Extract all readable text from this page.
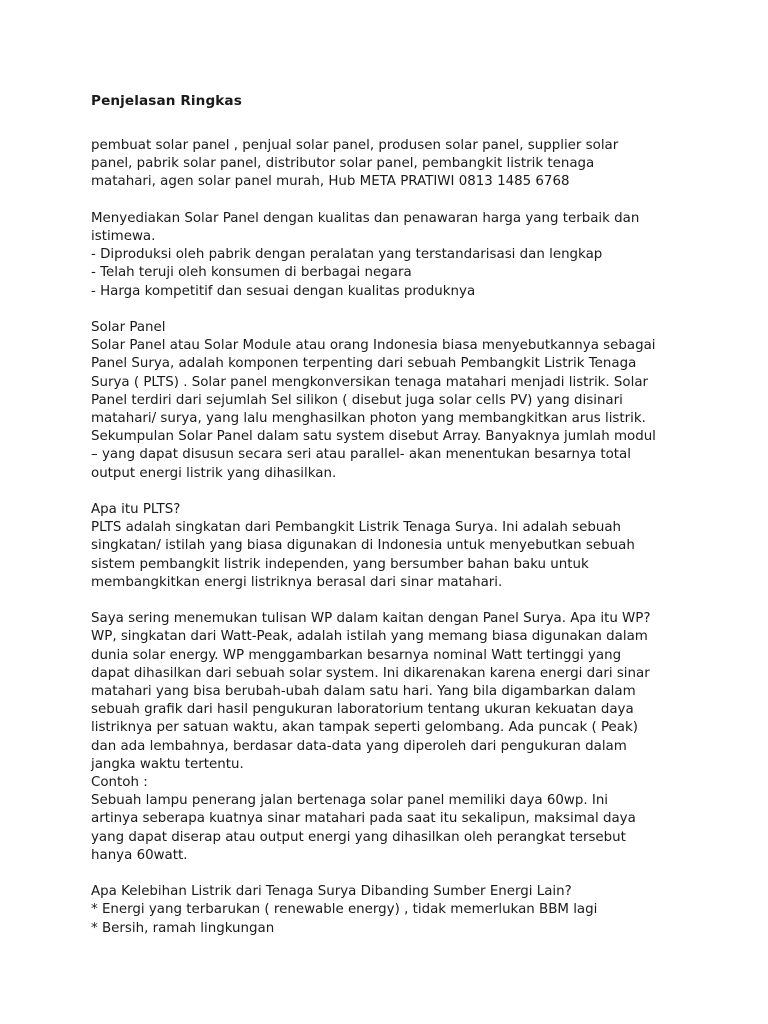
Penjelasan Ringkas
pembuat solar panel , penjual solar panel, produsen solar panel, supplier solar
panel, pabrik solar panel, distributor solar panel, pembangkit listrik tenaga
matahari, agen solar panel murah, Hub META PRATIWI 0813 1485 6768
Menyediakan Solar Panel dengan kualitas dan penawaran harga yang terbaik dan
istimewa.
- Diproduksi oleh pabrik dengan peralatan yang terstandarisasi dan lengkap
- Telah teruji oleh konsumen di berbagai negara
- Harga kompetitif dan sesuai dengan kualitas produknya
Solar Panel
Solar Panel atau Solar Module atau orang Indonesia biasa menyebutkannya sebagai
Panel Surya, adalah komponen terpenting dari sebuah Pembangkit Listrik Tenaga
Surya ( PLTS) . Solar panel mengkonversikan tenaga matahari menjadi listrik. Solar
Panel terdiri dari sejumlah Sel silikon ( disebut juga solar cells PV) yang disinari
matahari/ surya, yang lalu menghasilkan photon yang membangkitkan arus listrik.
Sekumpulan Solar Panel dalam satu system disebut Array. Banyaknya jumlah modul
– yang dapat disusun secara seri atau parallel- akan menentukan besarnya total
output energi listrik yang dihasilkan.
Apa itu PLTS?
PLTS adalah singkatan dari Pembangkit Listrik Tenaga Surya. Ini adalah sebuah
singkatan/ istilah yang biasa digunakan di Indonesia untuk menyebutkan sebuah
sistem pembangkit listrik independen, yang bersumber bahan baku untuk
membangkitkan energi listriknya berasal dari sinar matahari.
Saya sering menemukan tulisan WP dalam kaitan dengan Panel Surya. Apa itu WP?
WP, singkatan dari Watt-Peak, adalah istilah yang memang biasa digunakan dalam
dunia solar energy. WP menggambarkan besarnya nominal Watt tertinggi yang
dapat dihasilkan dari sebuah solar system. Ini dikarenakan karena energi dari sinar
matahari yang bisa berubah-ubah dalam satu hari. Yang bila digambarkan dalam
sebuah grafik dari hasil pengukuran laboratorium tentang ukuran kekuatan daya
listriknya per satuan waktu, akan tampak seperti gelombang. Ada puncak ( Peak)
dan ada lembahnya, berdasar data-data yang diperoleh dari pengukuran dalam
jangka waktu tertentu.
Contoh :
Sebuah lampu penerang jalan bertenaga solar panel memiliki daya 60wp. Ini
artinya seberapa kuatnya sinar matahari pada saat itu sekalipun, maksimal daya
yang dapat diserap atau output energi yang dihasilkan oleh perangkat tersebut
hanya 60watt.
Apa Kelebihan Listrik dari Tenaga Surya Dibanding Sumber Energi Lain?
* Energi yang terbarukan ( renewable energy) , tidak memerlukan BBM lagi
* Bersih, ramah lingkungan
